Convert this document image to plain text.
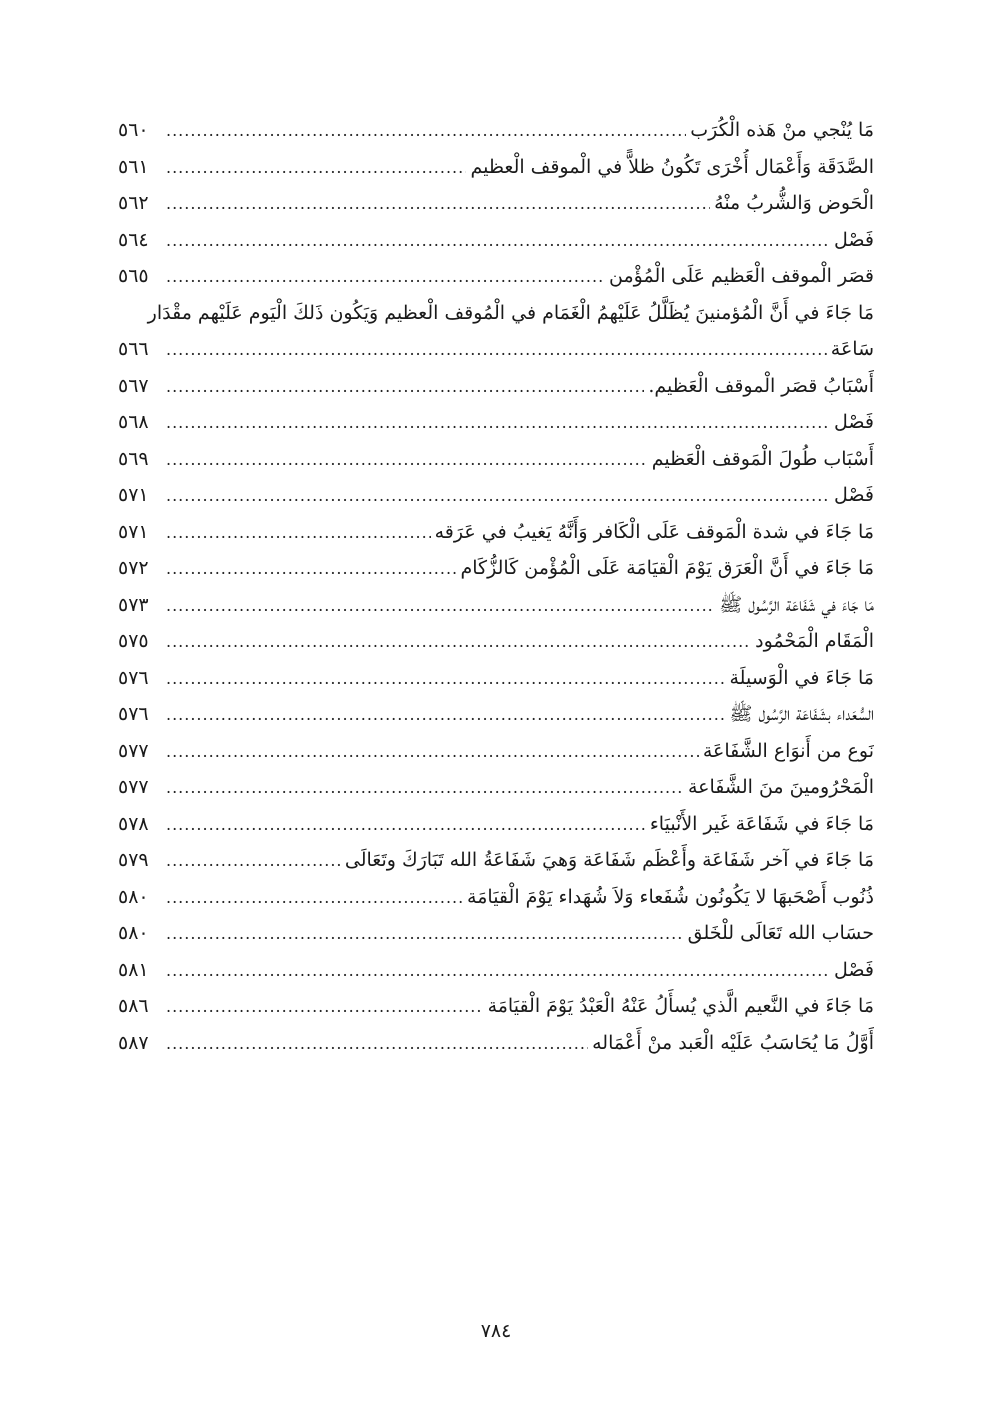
مَا يُنْجي منْ هَذه الْكُرَب
.....
٥٦٠
الصَّدَقَة وَأَعْمَال أُخْرَى تَكُونُ ظلاًّ في الْموقف الْعظيم
.....
٥٦١
الْحَوض وَالشُّربُ منْهُ
.....
٥٦٢
فَصْل
.....
٥٦٤
قصَر الْموقف الْعَظيم عَلَى الْمُؤْمن
.....
٥٦٥
مَا جَاءَ في أَنَّ الْمُؤمنينَ يُظَلَّلُ عَلَيْهمُ الْغَمَام في الْمُوقف الْعظيم وَيَكُون ذَلكَ الْيَوم عَلَيْهم مقْدَار
سَاعَة
.....
٥٦٦
أَسْبَابُ قصَر الْموقف الْعَظيم.
.....
٥٦٧
فَصْل
.....
٥٦٨
أَسْبَاب طُولَ الْمَوقف الْعَظيم
.....
٥٦٩
فَصْل
.....
٥٧١
مَا جَاءَ في شدة الْمَوقف عَلَى الْكَافر وَأَنَّهُ يَغيبُ في عَرَقه
.....
٥٧١
مَا جَاءَ في أَنَّ الْعَرَق يَوْمَ الْقيَامَة عَلَى الْمُؤْمن كَالزُّكَام
.....
٥٧٢
مَا جَاءَ في شَفَاعَة الرَّسُول ﷺ
.....
٥٧٣
الْمَقَام الْمَحْمُود
.....
٥٧٥
مَا جَاءَ في الْوَسيلَة
.....
٥٧٦
السُّعَداء بشَفَاعَة الرَّسُول ﷺ
.....
٥٧٦
نَوع من أَنوَاع الشَّفَاعَة
.....
٥٧٧
الْمَحْرُومينَ منَ الشَّفَاعة
.....
٥٧٧
مَا جَاءَ في شَفَاعَة غَير الأَنْبيَاء
.....
٥٧٨
مَا جَاءَ في آخر شَفَاعَة وأَعْظَم شَفَاعَة وَهيَ شَفَاعَةُ الله تَبَارَكَ وتَعَالَى
.....
٥٧٩
ذُنُوب أَصْحَبهَا لا يَكُونُون شُفَعاء وَلاَ شُهَداء يَوْمَ الْقيَامَة
.....
٥٨٠
حسَاب الله تَعَالَى للْخَلق
.....
٥٨٠
فَصْل
.....
٥٨١
مَا جَاءَ في النَّعيم الَّذي يُسأَلُ عَنْهُ الْعَبْدُ يَوْمَ الْقيَامَة
.....
٥٨٦
أَوَّلُ مَا يُحَاسَبُ عَلَيْه الْعَبد منْ أَعْمَاله
.....
٥٨٧
٧٨٤
